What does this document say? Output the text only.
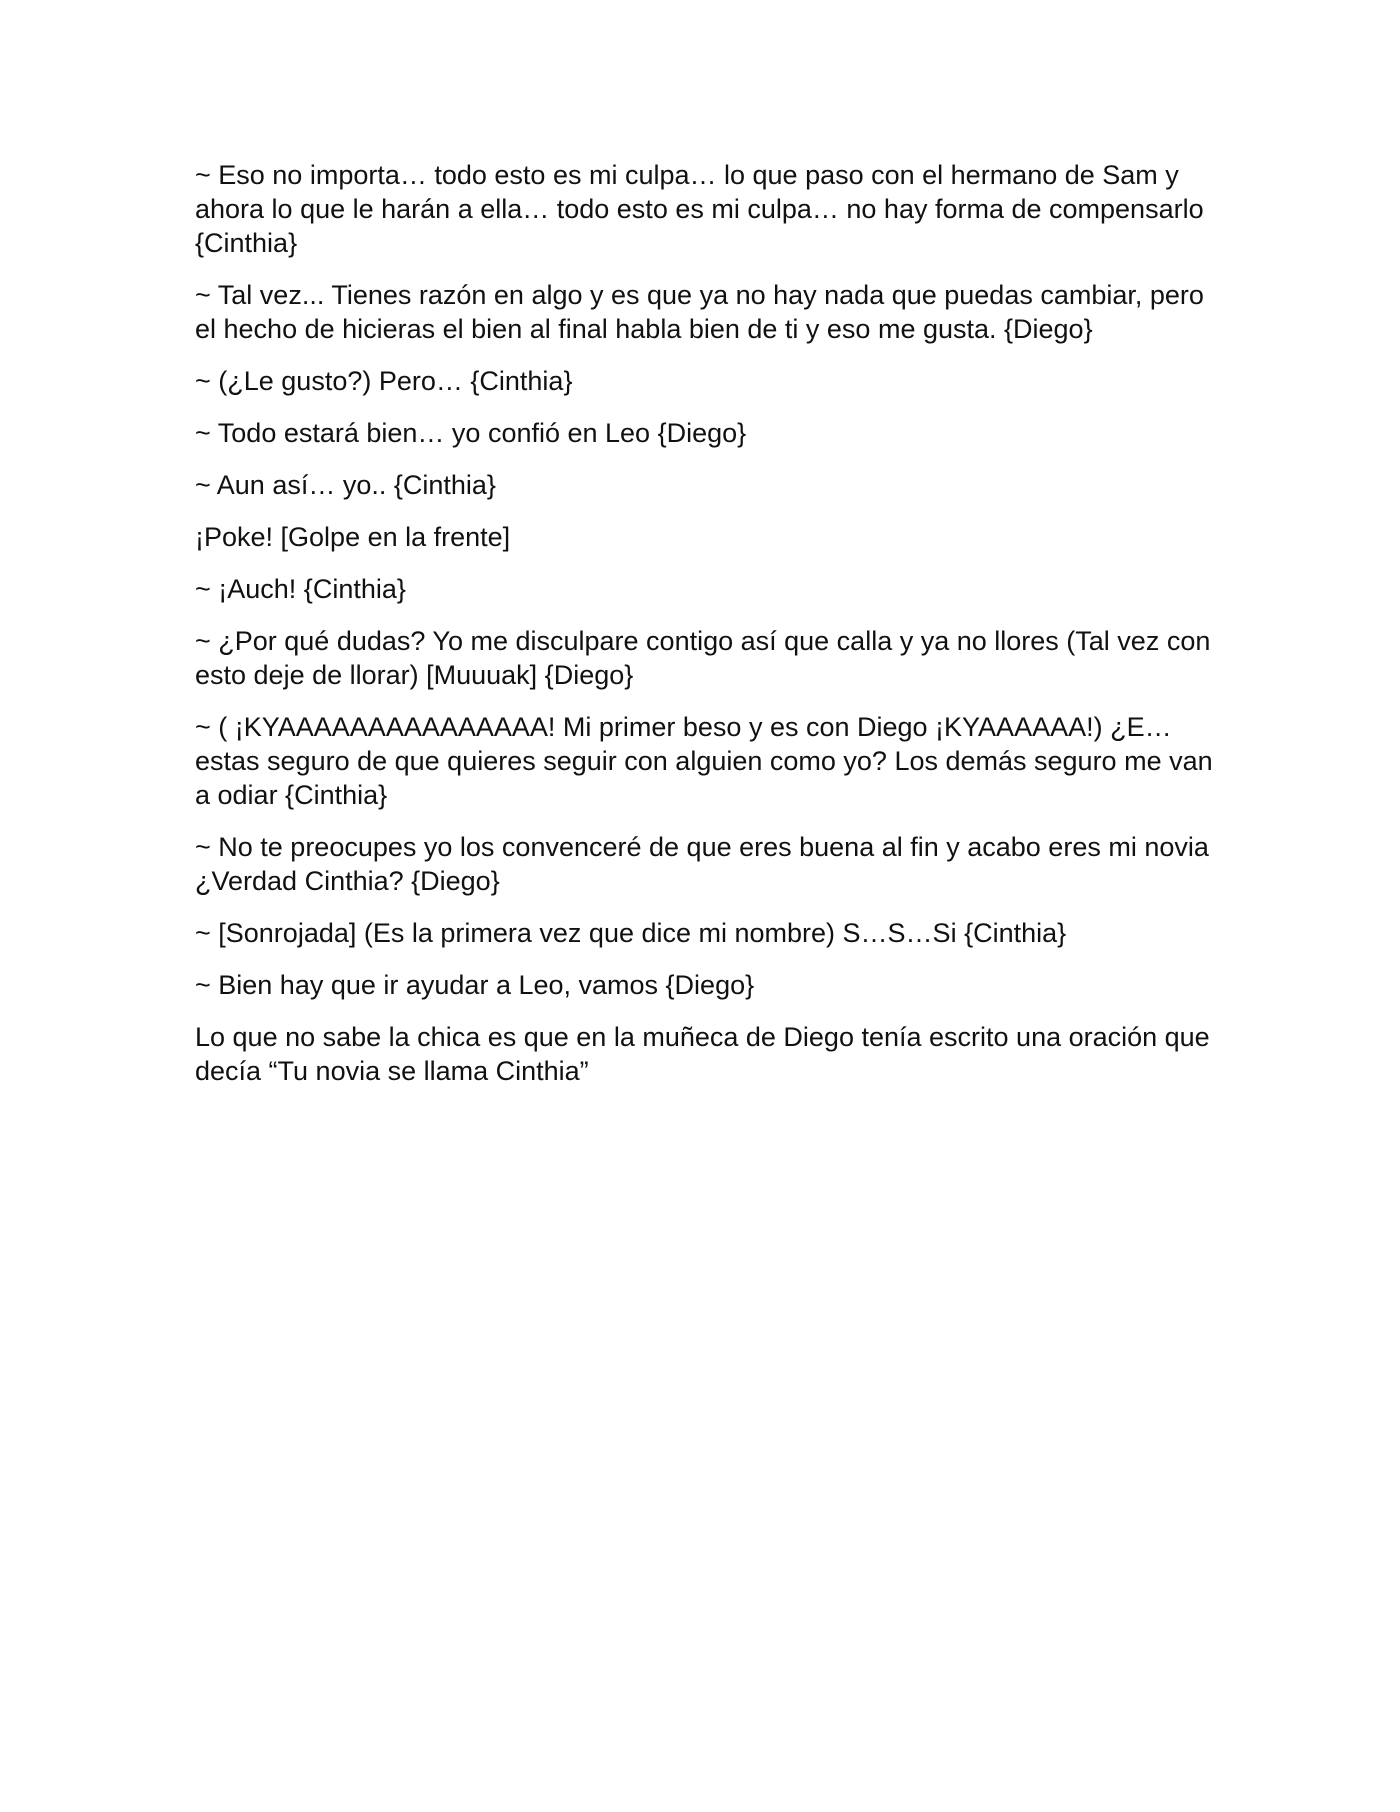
~ Eso no importa… todo esto es mi culpa… lo que paso con el hermano de Sam y ahora lo que le harán a ella… todo esto es mi culpa… no hay forma de compensarlo {Cinthia}

~ Tal vez... Tienes razón en algo y es que ya no hay nada que puedas cambiar, pero el hecho de hicieras el bien al final habla bien de ti y eso me gusta. {Diego}

~ (¿Le gusto?) Pero… {Cinthia}

~ Todo estará bien… yo confió en Leo {Diego}

~ Aun así… yo.. {Cinthia}

¡Poke! [Golpe en la frente]

~ ¡Auch! {Cinthia}

~ ¿Por qué dudas? Yo me disculpare contigo así que calla y ya no llores (Tal vez con esto deje de llorar) [Muuuak] {Diego}

~ ( ¡KYAAAAAAAAAAAAAAA! Mi primer beso y es con Diego ¡KYAAAAAA!) ¿E…estas seguro de que quieres seguir con alguien como yo? Los demás seguro me van a odiar {Cinthia}

~ No te preocupes yo los convenceré de que eres buena al fin y acabo eres mi novia ¿Verdad Cinthia? {Diego}

~ [Sonrojada] (Es la primera vez que dice mi nombre) S…S…Si {Cinthia}

~ Bien hay que ir ayudar a Leo, vamos {Diego}

Lo que no sabe la chica es que en la muñeca de Diego tenía escrito una oración que decía “Tu novia se llama Cinthia”
